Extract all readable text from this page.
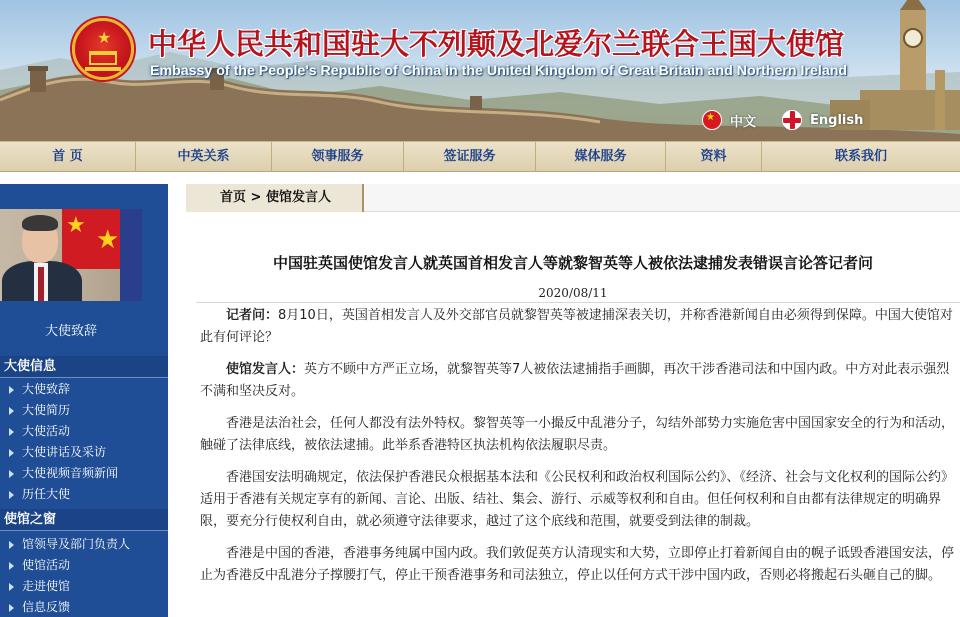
★ 中华人民共和国驻大不列颠及北爱尔兰联合王国大使馆
Embassy of the People's Republic of China in the United Kingdom of Great Britain and Northern Ireland
★
中文	English
首 页	中英关系	领事服务	签证服务	媒体服务	资料	联系我们
★ ★
大使致辞
大使信息
大使致辞
大使简历
大使活动
大使讲话及采访
大使视频音频新闻
历任大使
使馆之窗
馆领导及部门负责人
使馆活动
走进使馆
信息反馈
首页 > 使馆发言人
中国驻英国使馆发言人就英国首相发言人等就黎智英等人被依法逮捕发表错误言论答记者问
2020/08/11

记者问：8月10日，英国首相发言人及外交部官员就黎智英等被逮捕深表关切，并称香港新闻自由必须得到保障。中国大使馆对此有何评论？

使馆发言人：英方不顾中方严正立场，就黎智英等7人被依法逮捕指手画脚，再次干涉香港司法和中国内政。中方对此表示强烈不满和坚决反对。

香港是法治社会，任何人都没有法外特权。黎智英等一小撮反中乱港分子，勾结外部势力实施危害中国国家安全的行为和活动，触碰了法律底线，被依法逮捕。此举系香港特区执法机构依法履职尽责。

香港国安法明确规定，依法保护香港民众根据基本法和《公民权利和政治权利国际公约》、《经济、社会与文化权利的国际公约》适用于香港有关规定享有的新闻、言论、出版、结社、集会、游行、示威等权利和自由。但任何权利和自由都有法律规定的明确界限，要充分行使权利自由，就必须遵守法律要求，越过了这个底线和范围，就要受到法律的制裁。

香港是中国的香港，香港事务纯属中国内政。我们敦促英方认清现实和大势，立即停止打着新闻自由的幌子诋毁香港国安法，停止为香港反中乱港分子撑腰打气，停止干预香港事务和司法独立，停止以任何方式干涉中国内政，否则必将搬起石头砸自己的脚。
